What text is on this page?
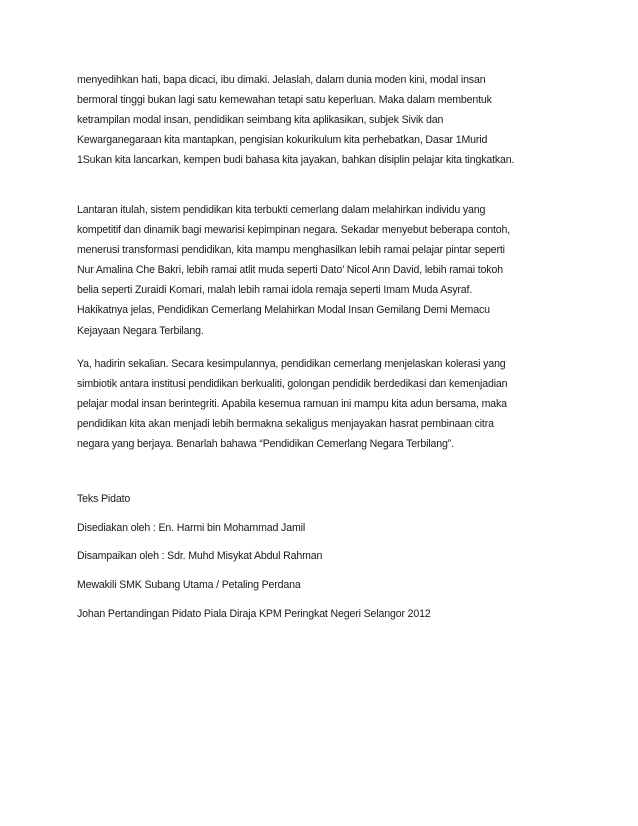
menyedihkan hati, bapa dicaci, ibu dimaki. Jelaslah, dalam dunia moden kini, modal insan
bermoral tinggi bukan lagi satu kemewahan tetapi satu keperluan. Maka dalam membentuk
ketrampilan modal insan, pendidikan seimbang kita aplikasikan, subjek Sivik dan
Kewarganegaraan kita mantapkan, pengisian kokurikulum kita perhebatkan, Dasar 1Murid
1Sukan kita lancarkan, kempen budi bahasa kita jayakan, bahkan disiplin pelajar kita tingkatkan.

Lantaran itulah, sistem pendidikan kita terbukti cemerlang dalam melahirkan individu yang
kompetitif dan dinamik bagi mewarisi kepimpinan negara. Sekadar menyebut beberapa contoh,
menerusi transformasi pendidikan, kita mampu menghasilkan lebih ramai pelajar pintar seperti
Nur Amalina Che Bakri, lebih ramai atlit muda seperti Dato’ Nicol Ann David, lebih ramai tokoh
belia seperti Zuraidi Komari, malah lebih ramai idola remaja seperti Imam Muda Asyraf.
Hakikatnya jelas, Pendidikan Cemerlang Melahirkan Modal Insan Gemilang Demi Memacu
Kejayaan Negara Terbilang.

Ya, hadirin sekalian. Secara kesimpulannya, pendidikan cemerlang menjelaskan kolerasi yang
simbiotik antara institusi pendidikan berkualiti, golongan pendidik berdedikasi dan kemenjadian
pelajar modal insan berintegriti. Apabila kesemua ramuan ini mampu kita adun bersama, maka
pendidikan kita akan menjadi lebih bermakna sekaligus menjayakan hasrat pembinaan citra
negara yang berjaya. Benarlah bahawa “Pendidikan Cemerlang Negara Terbilang”.

Teks Pidato
Disediakan oleh : En. Harmi bin Mohammad Jamil
Disampaikan oleh : Sdr. Muhd Misykat Abdul Rahman
Mewakili SMK Subang Utama / Petaling Perdana
Johan Pertandingan Pidato Piala Diraja KPM Peringkat Negeri Selangor 2012
